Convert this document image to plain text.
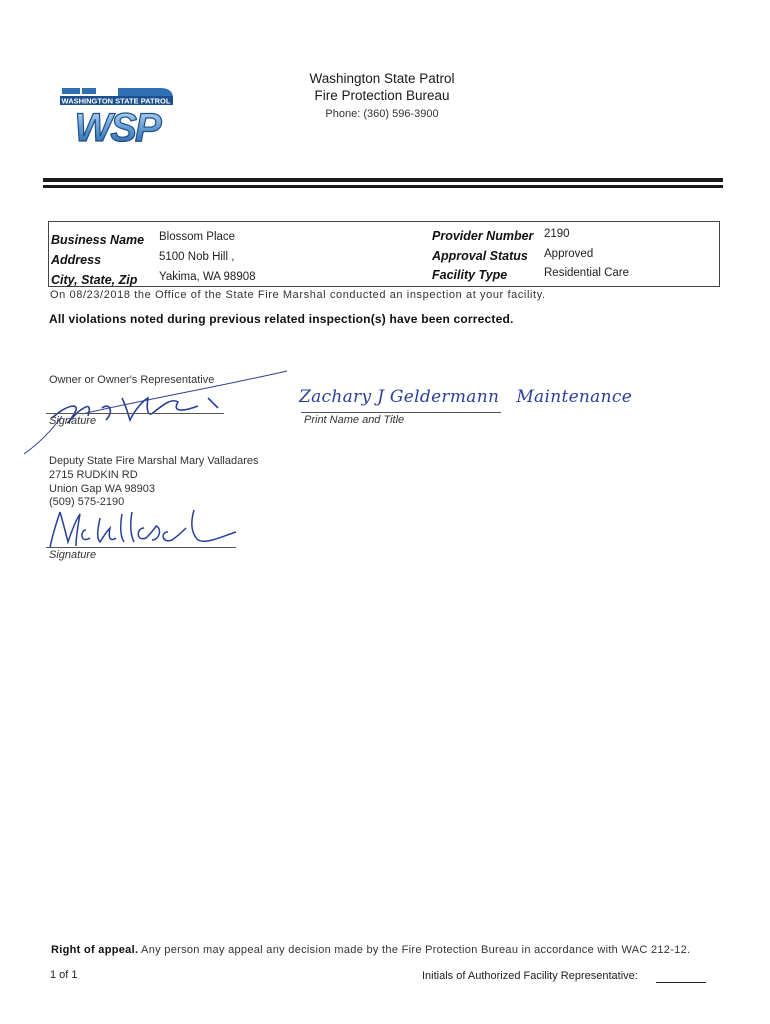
WASHINGTON STATE PATROL
WSP
Washington State Patrol
Fire Protection Bureau
Phone: (360) 596-3900
Business Name Blossom Place
Address	5100 Nob Hill ,
City, State, Zip Yakima, WA 98908
Provider Number 2190
Approval Status Approved
Facility Type	Residential Care
On 08/23/2018 the Office of the State Fire Marshal conducted an inspection at your facility.
All violations noted during previous related inspection(s) have been corrected.
Owner or Owner's Representative
Signature
Zachary J Geldermann   Maintenance
Print Name and Title
Deputy State Fire Marshal Mary Valladares
2715 RUDKIN RD
Union Gap WA 98903
(509) 575-2190
Signature
Right of appeal. Any person may appeal any decision made by the Fire Protection Bureau in accordance with WAC 212-12.
1 of 1	Initials of Authorized Facility Representative:
